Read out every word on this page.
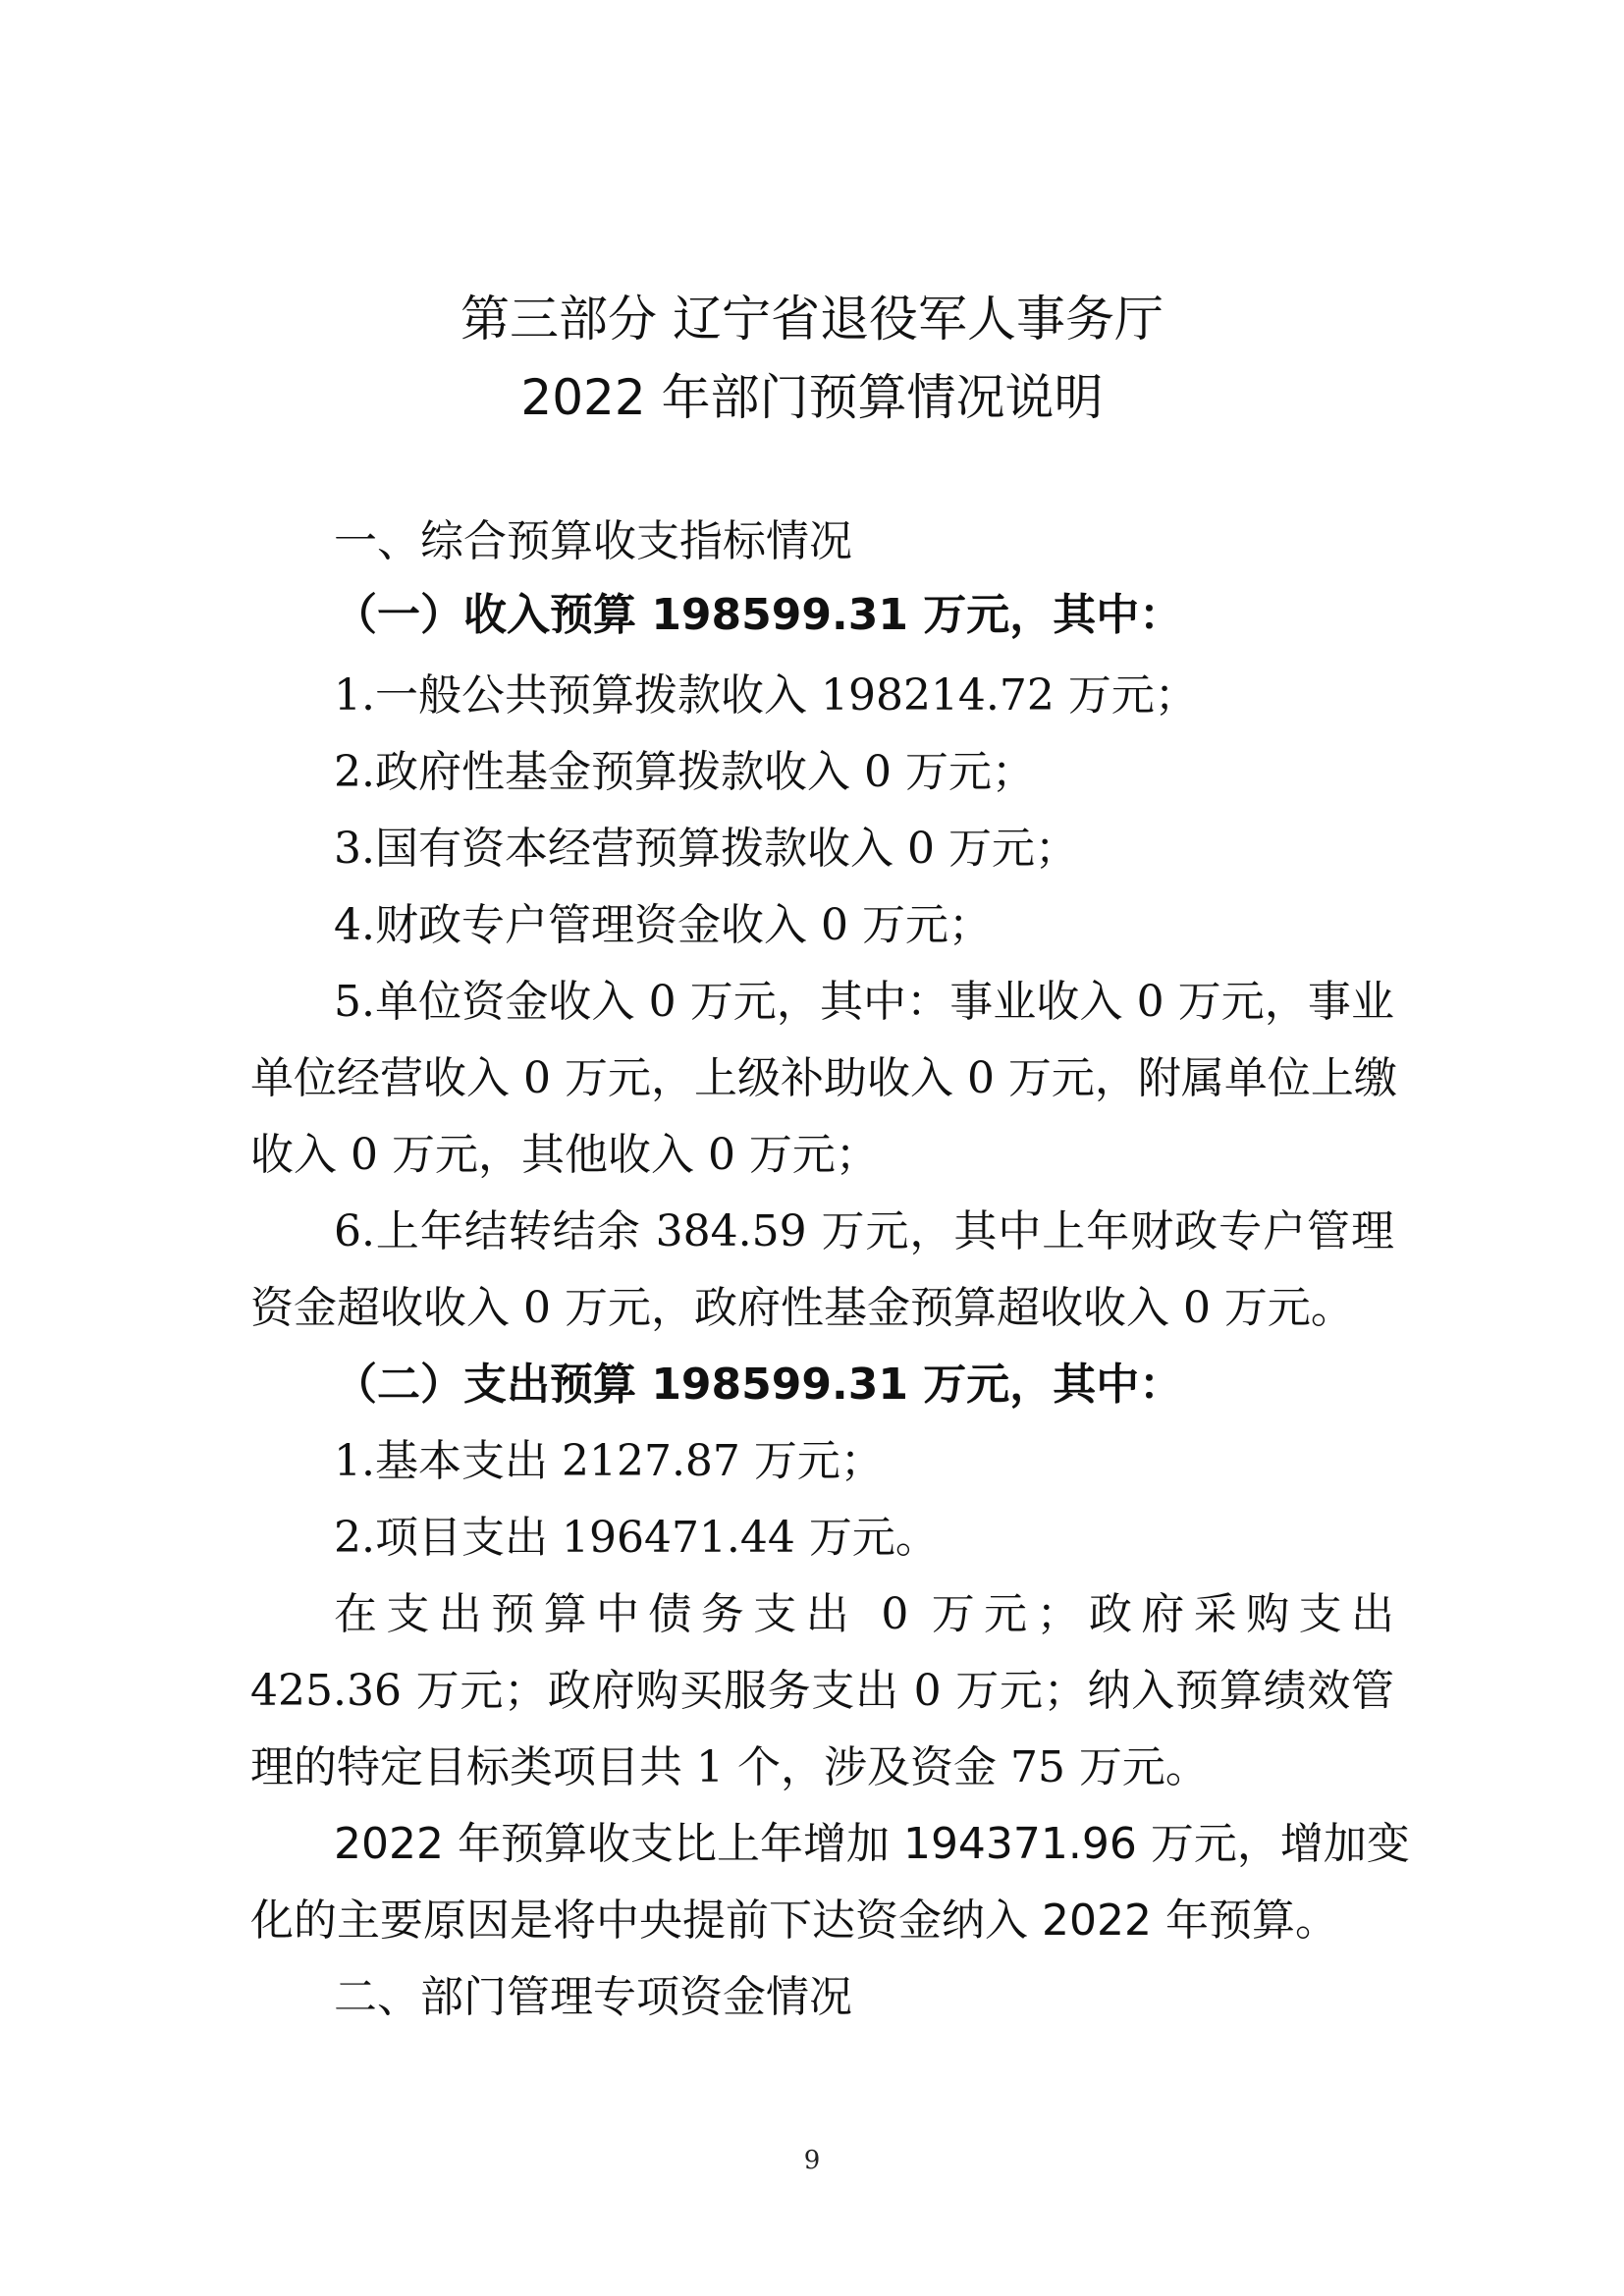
第三部分 辽宁省退役军人事务厅
2022 年部门预算情况说明
一、综合预算收支指标情况
（一）收入预算 198599.31 万元，其中：
1.一般公共预算拨款收入 198214.72 万元；
2.政府性基金预算拨款收入 0 万元；
3.国有资本经营预算拨款收入 0 万元；
4.财政专户管理资金收入 0 万元；
5.单位资金收入 0 万元，其中：事业收入 0 万元，事业
单位经营收入 0 万元，上级补助收入 0 万元，附属单位上缴
收入 0 万元，其他收入 0 万元；
6.上年结转结余 384.59 万元，其中上年财政专户管理
资金超收收入 0 万元，政府性基金预算超收收入 0 万元。
（二）支出预算 198599.31 万元，其中：
1.基本支出 2127.87 万元；
2.项目支出 196471.44 万元。
在支出预算中债务支出 0 万元；政府采购支出
425.36 万元；政府购买服务支出 0 万元；纳入预算绩效管
理的特定目标类项目共 1 个，涉及资金 75 万元。
2022 年预算收支比上年增加 194371.96 万元，增加变
化的主要原因是将中央提前下达资金纳入 2022 年预算。
二、部门管理专项资金情况
9
